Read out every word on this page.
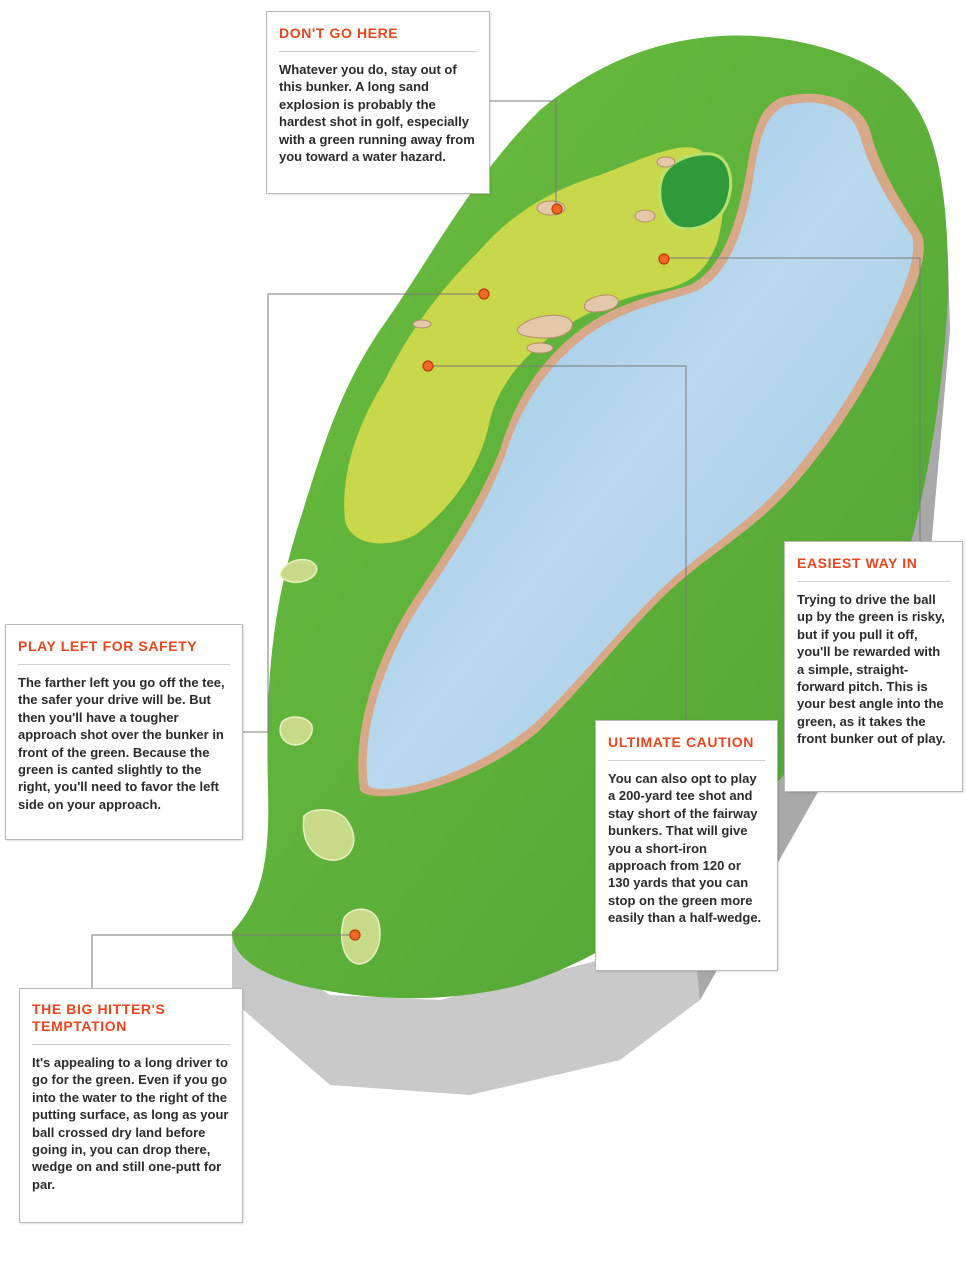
DON'T GO HERE
Whatever you do, stay out of this bunker. A long sand explosion is probably the hardest shot in golf, especially with a green running away from you toward a water hazard.
PLAY LEFT FOR SAFETY
The farther left you go off the tee, the safer your drive will be. But then you'll have a tougher approach shot over the bunker in front of the green. Because the green is canted slightly to the right, you'll need to favor the left side on your approach.
EASIEST WAY IN
Trying to drive the ball up by the green is risky, but if you pull it off, you'll be rewarded with a simple, straight-forward pitch. This is your best angle into the green, as it takes the front bunker out of play.
ULTIMATE CAUTION
You can also opt to play a 200-yard tee shot and stay short of the fairway bunkers. That will give you a short-iron approach from 120 or 130 yards that you can stop on the green more easily than a half-wedge.
THE BIG HITTER'S TEMPTATION
It's appealing to a long driver to go for the green. Even if you go into the water to the right of the putting surface, as long as your ball crossed dry land before going in, you can drop there, wedge on and still one-putt for par.
